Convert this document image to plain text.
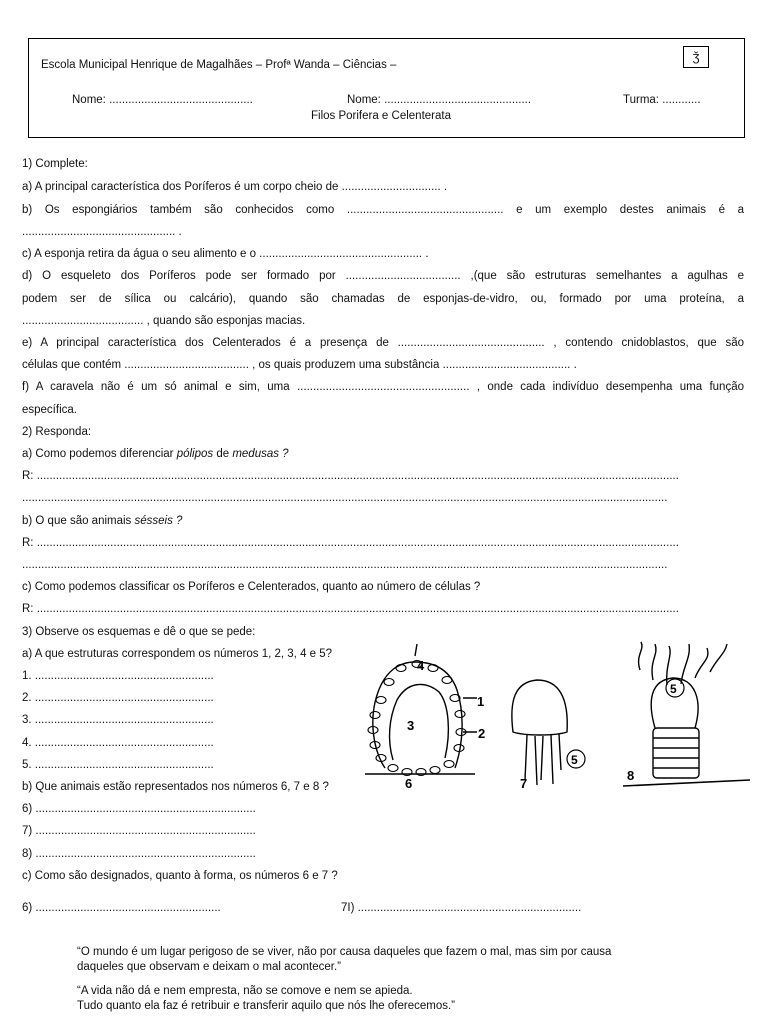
Escola Municipal Henrique de Magalhães – Profª Wanda – Ciências –
ǯ
Nome: .............................................	Nome: ..............................................	Turma: ............
Filos Porifera e Celenterata
1) Complete:
a) A principal característica dos Poríferos é um corpo cheio de ............................... .
b) Os espongiários também são conhecidos como ................................................. e um exemplo destes animais é a
................................................ .
c) A esponja retira da água o seu alimento e o ................................................... .
d) O esqueleto dos Poríferos pode ser formado por .................................... ,(que são estruturas semelhantes a agulhas e
podem ser de sílica ou calcário), quando são chamadas de esponjas-de-vidro, ou, formado por uma proteína, a
...................................... , quando são esponjas macias.
e) A principal característica dos Celenterados é a presença de .............................................. , contendo cnidoblastos, que são
células que contém ....................................... , os quais produzem uma substância ........................................ .
f) A caravela não é um só animal e sim, uma ...................................................... , onde cada indivíduo desempenha uma função
específica.
2) Responda:
a) Como podemos diferenciar pólipos de medusas ?
R: .........................................................................................................................................................................................................
..........................................................................................................................................................................................................
b) O que são animais sésseis ?
R: .........................................................................................................................................................................................................
..........................................................................................................................................................................................................
c) Como podemos classificar os Poríferos e Celenterados, quanto ao número de células ?
R: .........................................................................................................................................................................................................
3) Observe os esquemas e dê o que se pede:
a) A que estruturas correspondem os números 1, 2, 3, 4 e 5?
1. ........................................................
2. ........................................................
3. ........................................................
4. ........................................................
5. ........................................................
b) Que animais estão representados nos números 6, 7 e 8 ?
6) .....................................................................
7) .....................................................................
8) .....................................................................
c) Como são designados, quanto à forma, os números 6 e 7 ?
6) ..........................................................	7I) ......................................................................
1
2
3
4
6
5
7
5
8
“O mundo é um lugar perigoso de se viver, não por causa daqueles que fazem o mal, mas sim por causa
daqueles que observam e deixam o mal acontecer.”
“A vida não dá e nem empresta, não se comove e nem se apieda.
Tudo quanto ela faz é retribuir e transferir aquilo que nós lhe oferecemos.”
